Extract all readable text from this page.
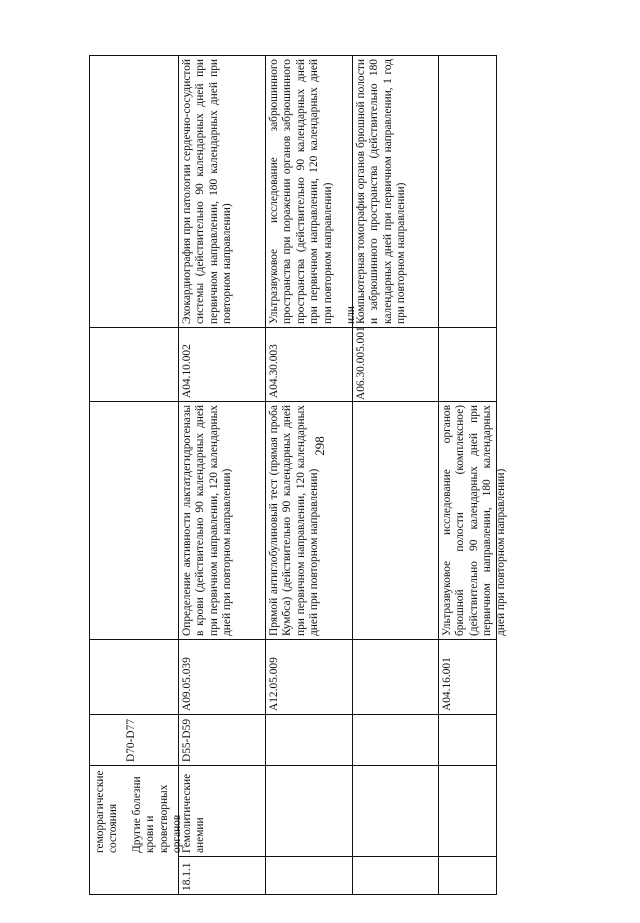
298
геморрагические состояния Другие болезни крови и кроветворных органов
D70-D77
18.1.1
Гемолитические анемии
D55-D59
A09.05.039
Определение активности лактатдегидрогеназы в крови (действительно 90 календарных дней при первичном направлении, 120 календарных дней при повторном направлении)
A12.05.009
Прямой антиглобулиновый тест (прямая проба Кумбса) (действительно 90 календарных дней при первичном направлении, 120 календарных дней при повторном направлении)
A04.16.001
Ультразвуковое исследование органов брюшной полости (комплексное) (действительно 90 календарных дней при первичном направлении, 180 календарных дней при повторном направлении)
A04.10.002
Эхокардиография при патологии сердечно-сосудистой системы (действительно 90 календарных дней при первичном направлении, 180 календарных дней при повторном направлении)
A04.30.003
Ультразвуковое исследование забрюшинного пространства при поражении органов забрюшинного пространства (действительно 90 календарных дней при первичном направлении, 120 календарных дней при повторном направлении) или
A06.30.005.001
Компьютерная томография органов брюшной полости и забрюшинного пространства (действительно 180 календарных дней при первичном направлении, 1 год при повторном направлении)
